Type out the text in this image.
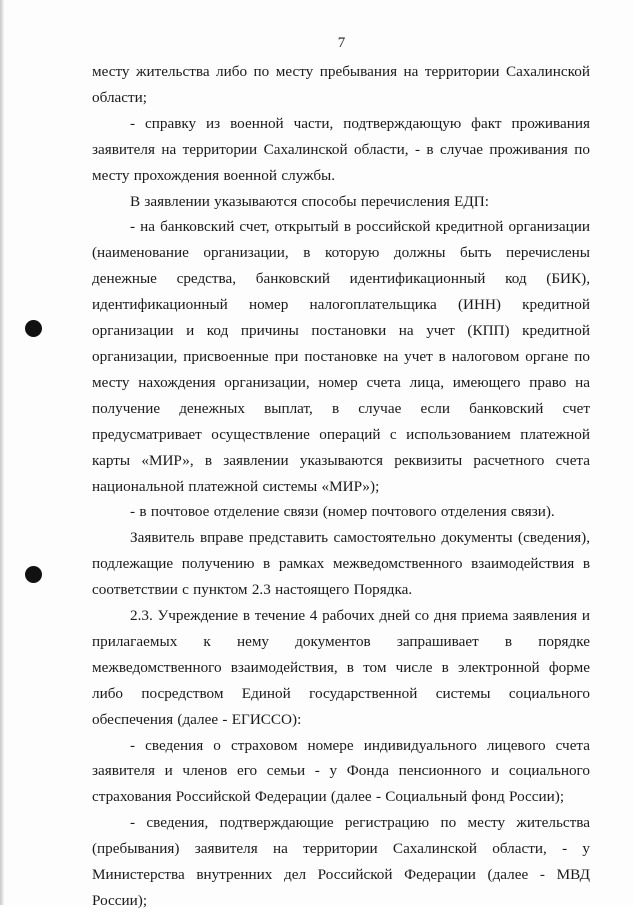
7

месту жительства либо по месту пребывания на территории Сахалинской области;

- справку из военной части, подтверждающую факт проживания заявителя на территории Сахалинской области, - в случае проживания по месту прохождения военной службы.

В заявлении указываются способы перечисления ЕДП:

- на банковский счет, открытый в российской кредитной организации (наименование организации, в которую должны быть перечислены денежные средства, банковский идентификационный код (БИК), идентификационный номер налогоплательщика (ИНН) кредитной организации и код причины постановки на учет (КПП) кредитной организации, присвоенные при постановке на учет в налоговом органе по месту нахождения организации, номер счета лица, имеющего право на получение денежных выплат, в случае если банковский счет предусматривает осуществление операций с использованием платежной карты «МИР», в заявлении указываются реквизиты расчетного счета национальной платежной системы «МИР»);

- в почтовое отделение связи (номер почтового отделения связи).

Заявитель вправе представить самостоятельно документы (сведения), подлежащие получению в рамках межведомственного взаимодействия в соответствии с пунктом 2.3 настоящего Порядка.

2.3. Учреждение в течение 4 рабочих дней со дня приема заявления и прилагаемых к нему документов запрашивает в порядке межведомственного взаимодействия, в том числе в электронной форме либо посредством Единой государственной системы социального обеспечения (далее - ЕГИССО):

- сведения о страховом номере индивидуального лицевого счета заявителя и членов его семьи - у Фонда пенсионного и социального страхования Российской Федерации (далее - Социальный фонд России);

- сведения, подтверждающие регистрацию по месту жительства (пребывания) заявителя на территории Сахалинской области, - у Министерства внутренних дел Российской Федерации (далее - МВД России);
